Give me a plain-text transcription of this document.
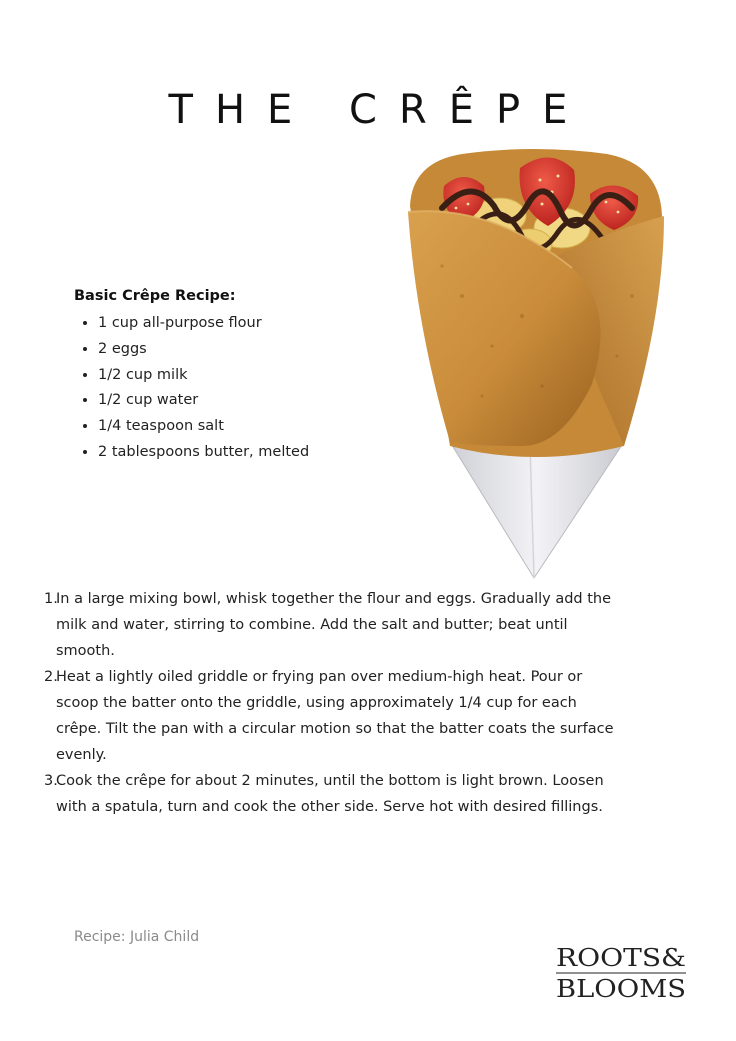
THE CRÊPE

Basic Crêpe Recipe:

• 1 cup all-purpose flour
• 2 eggs
• 1/2 cup milk
• 1/2 cup water
• 1/4 teaspoon salt
• 2 tablespoons butter, melted
1.
In a large mixing bowl, whisk together the flour and eggs. Gradually add the milk and water, stirring to combine. Add the salt and butter; beat until smooth.
2.
Heat a lightly oiled griddle or frying pan over medium-high heat. Pour or scoop the batter onto the griddle, using approximately 1/4 cup for each crêpe. Tilt the pan with a circular motion so that the batter coats the surface evenly.
3.
Cook the crêpe for about 2 minutes, until the bottom is light brown. Loosen with a spatula, turn and cook the other side. Serve hot with desired fillings.
Recipe: Julia Child
ROOTS&
BLOOMS
